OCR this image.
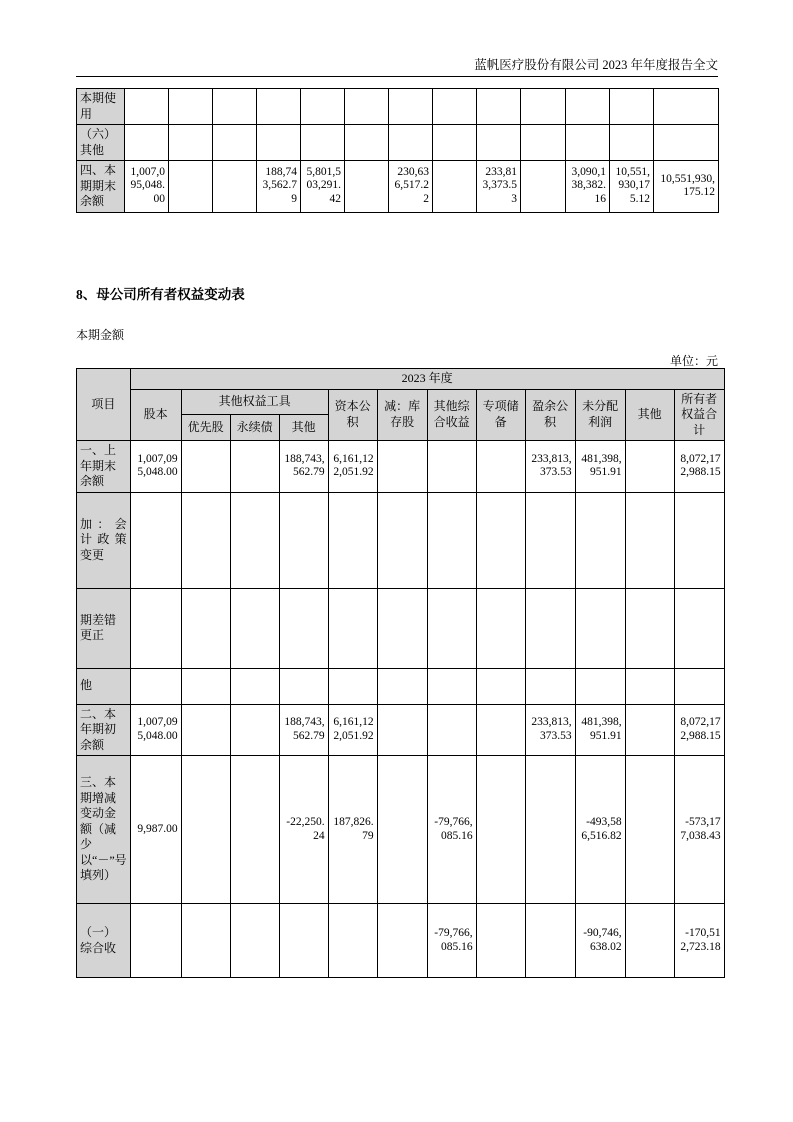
蓝帆医疗股份有限公司 2023 年年度报告全文
本期使用													
（六）其他													
四、本期期末余额	1,007,095,048.00			188,743,562.79	5,801,503,291.42		230,636,517.22		233,813,373.53		3,090,138,382.16	10,551,930,175.12	10,551,930,175.12
8、母公司所有者权益变动表
本期金额
单位：元
项目	2023 年度											
	股本	其他权益工具			资本公积	减：库存股	其他综合收益	专项储备	盈余公积	未分配利润	其他	所有者权益合计
		优先股	永续债	其他								
一、上年期末余额	1,007,095,048.00			188,743,562.79	6,161,122,051.92				233,813,373.53	481,398,951.91		8,072,172,988.15
加：会计政策变更												
期差错更正												
他												
二、本年期初余额	1,007,095,048.00			188,743,562.79	6,161,122,051.92				233,813,373.53	481,398,951.91		8,072,172,988.15
三、本期增减变动金额（减少以“－”号填列）	9,987.00			-22,250.24	187,826.79		-79,766,085.16			-493,586,516.82		-573,177,038.43
（一）综合收							-79,766,085.16			-90,746,638.02		-170,512,723.18
